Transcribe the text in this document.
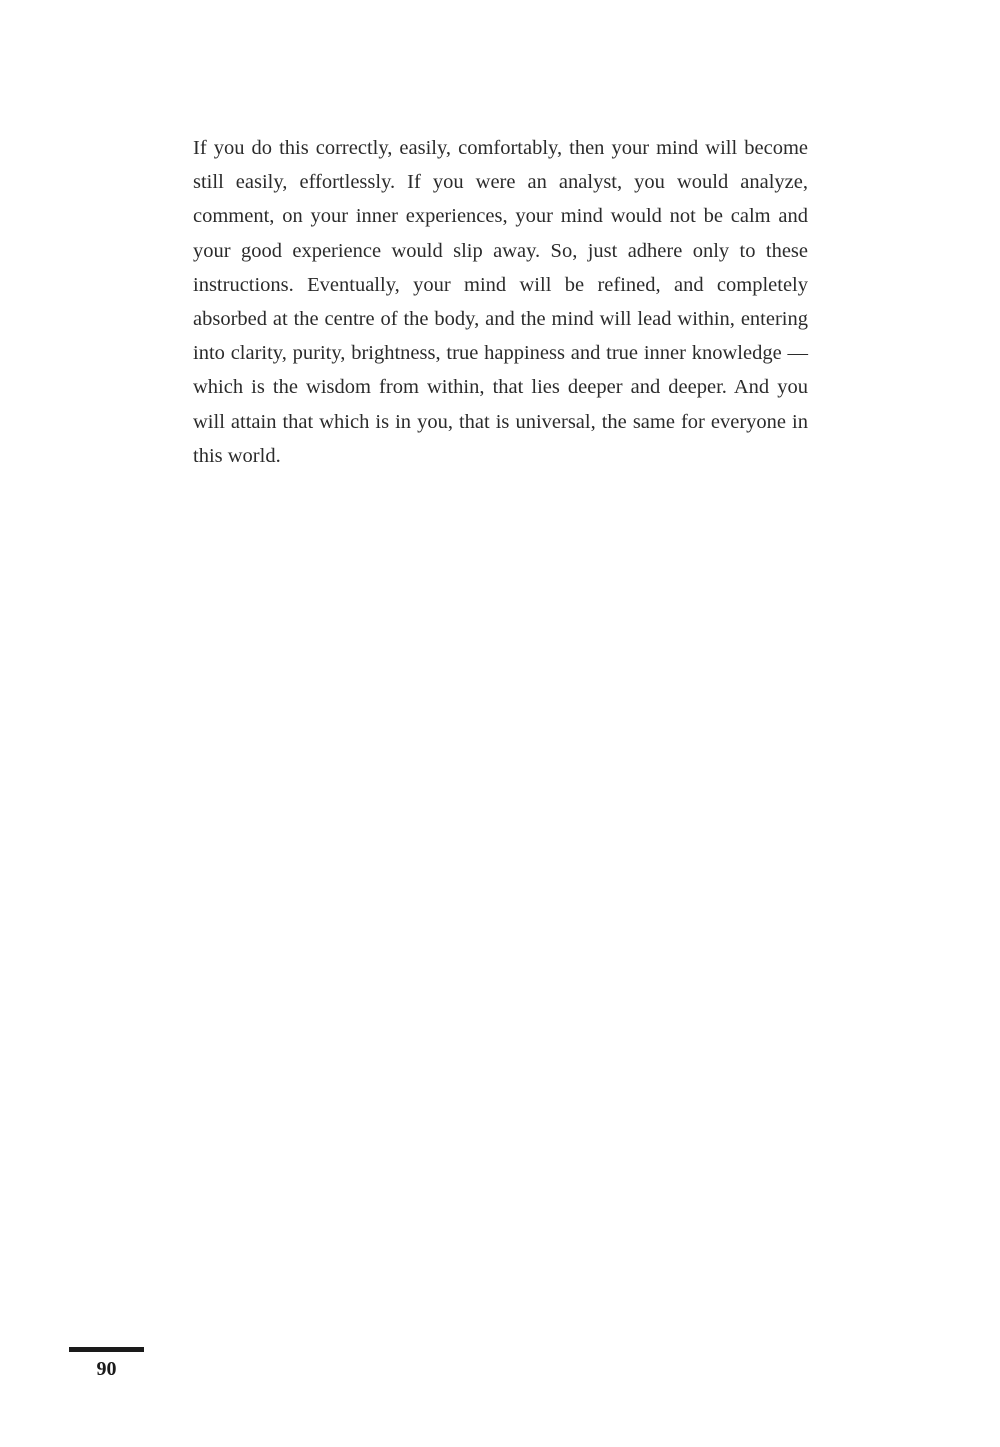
If you do this correctly, easily, comfortably, then your mind will become still easily, effortlessly. If you were an analyst, you would analyze, comment, on your inner experiences, your mind would not be calm and your good experience would slip away. So, just adhere only to these instructions. Eventually, your mind will be refined, and completely absorbed at the centre of the body, and the mind will lead within, entering into clarity, purity, brightness, true happiness and true inner knowledge — which is the wisdom from within, that lies deeper and deeper. And you will attain that which is in you, that is universal, the same for everyone in this world.

90
